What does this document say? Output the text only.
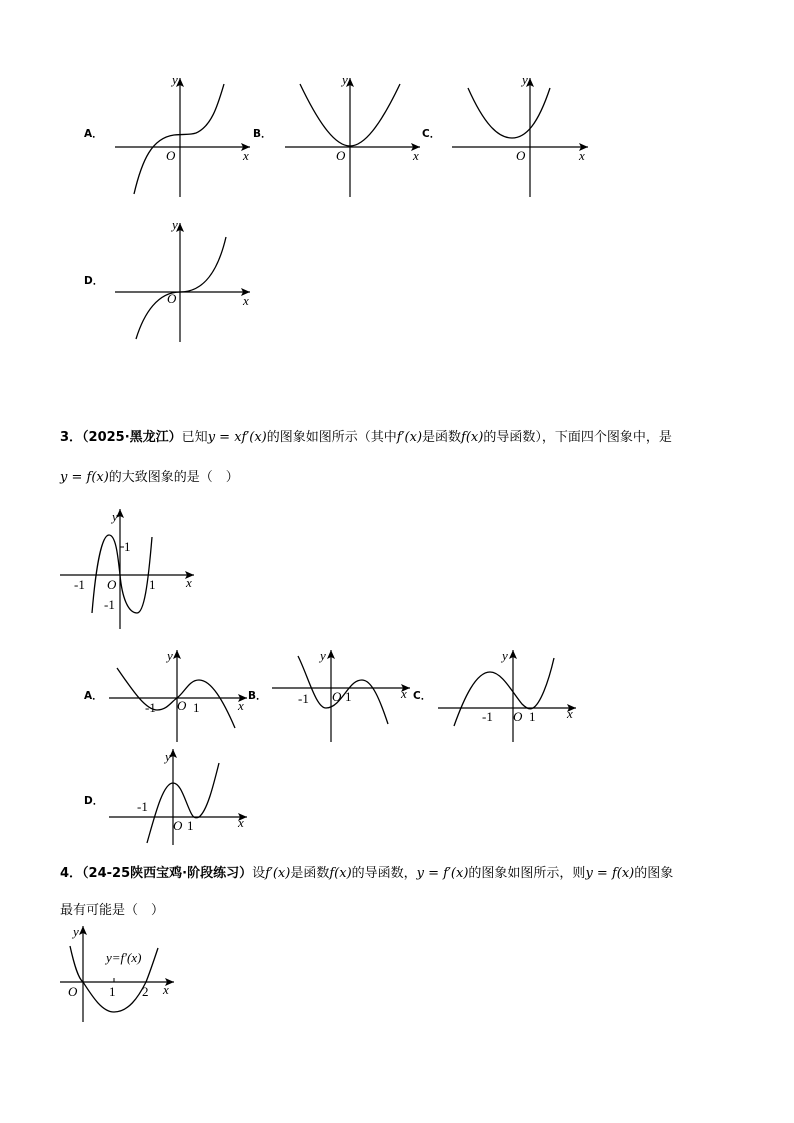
A．
y
x
O
B．
y
x
O
C．
y
x
O
D．
y
x
O
3．（2025·黑龙江）已知y = xf′(x)的图象如图所示（其中f′(x)是函数f(x)的导函数），下面四个图象中，是
y = f(x)的大致图象的是（　）
y
1
-1 O	1 x
-1
A．
y
-1 O 1	x
B．
y
-1 O 1	x C．
y
-1 O 1 x
D．
y
-1
O 1	x
4．（24-25陕西宝鸡·阶段练习）设f′(x)是函数f(x)的导函数，y = f′(x)的图象如图所示，则y = f(x)的图象
最有可能是（　）
y
y=f′(x)
O 1 2 x
